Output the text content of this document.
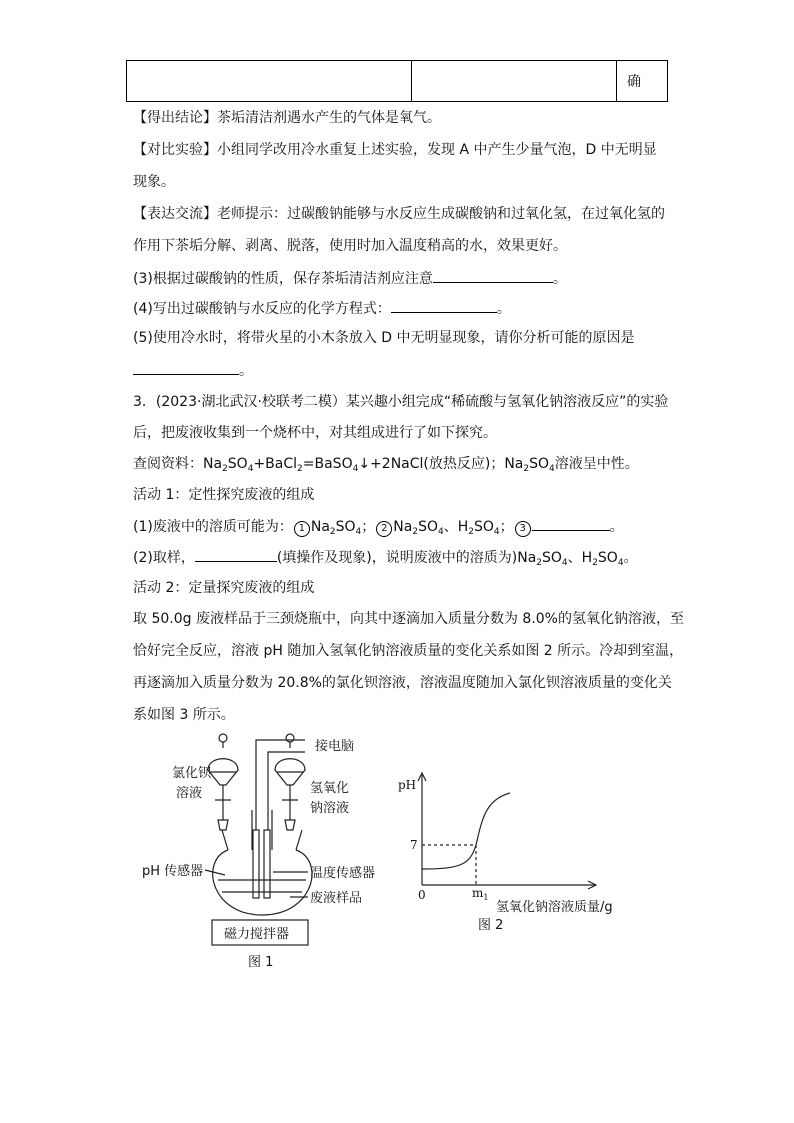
		确
【得出结论】茶垢清洁剂遇水产生的气体是氧气。
【对比实验】小组同学改用冷水重复上述实验，发现 A 中产生少量气泡，D 中无明显
现象。
【表达交流】老师提示：过碳酸钠能够与水反应生成碳酸钠和过氧化氢，在过氧化氢的
作用下茶垢分解、剥离、脱落，使用时加入温度稍高的水，效果更好。
(3)根据过碳酸钠的性质，保存茶垢清洁剂应注意	。
(4)写出过碳酸钠与水反应的化学方程式：	。
(5)使用冷水时，将带火星的小木条放入 D 中无明显现象，请你分析可能的原因是
。
3．(2023·湖北武汉·校联考二模）某兴趣小组完成“稀硫酸与氢氧化钠溶液反应”的实验
后，把废液收集到一个烧杯中，对其组成进行了如下探究。
查阅资料：$Na_2SO_4+BaCl_2=BaSO_4↓+2NaCl$(放热反应)；$Na_2SO_4$溶液呈中性。
活动 1：定性探究废液的组成
(1)废液中的溶质可能为： 1 $Na_2SO_4$； 2 $Na_2SO_4$、$H_2SO_4$； 3	。
(2)取样，	(填操作及现象)，说明废液中的溶质为)$Na_2SO_4$、$H_2SO_4$。
活动 2：定量探究废液的组成
取 50.0g 废液样品于三颈烧瓶中，向其中逐滴加入质量分数为 8.0%的氢氧化钠溶液，至
恰好完全反应，溶液 pH 随加入氢氧化钠溶液质量的变化关系如图 2 所示。冷却到室温，
再逐滴加入质量分数为 20.8%的氯化钡溶液，溶液温度随加入氯化钡溶液质量的变化关
系如图 3 所示。
接电脑
氯化钡
溶液	氢氧化
钠溶液
pH 传感器	温度传感器
废液样品
磁力搅拌器
图 1
pH
7
0	$m_1$
氢氧化钠溶液质量/g
图 2
